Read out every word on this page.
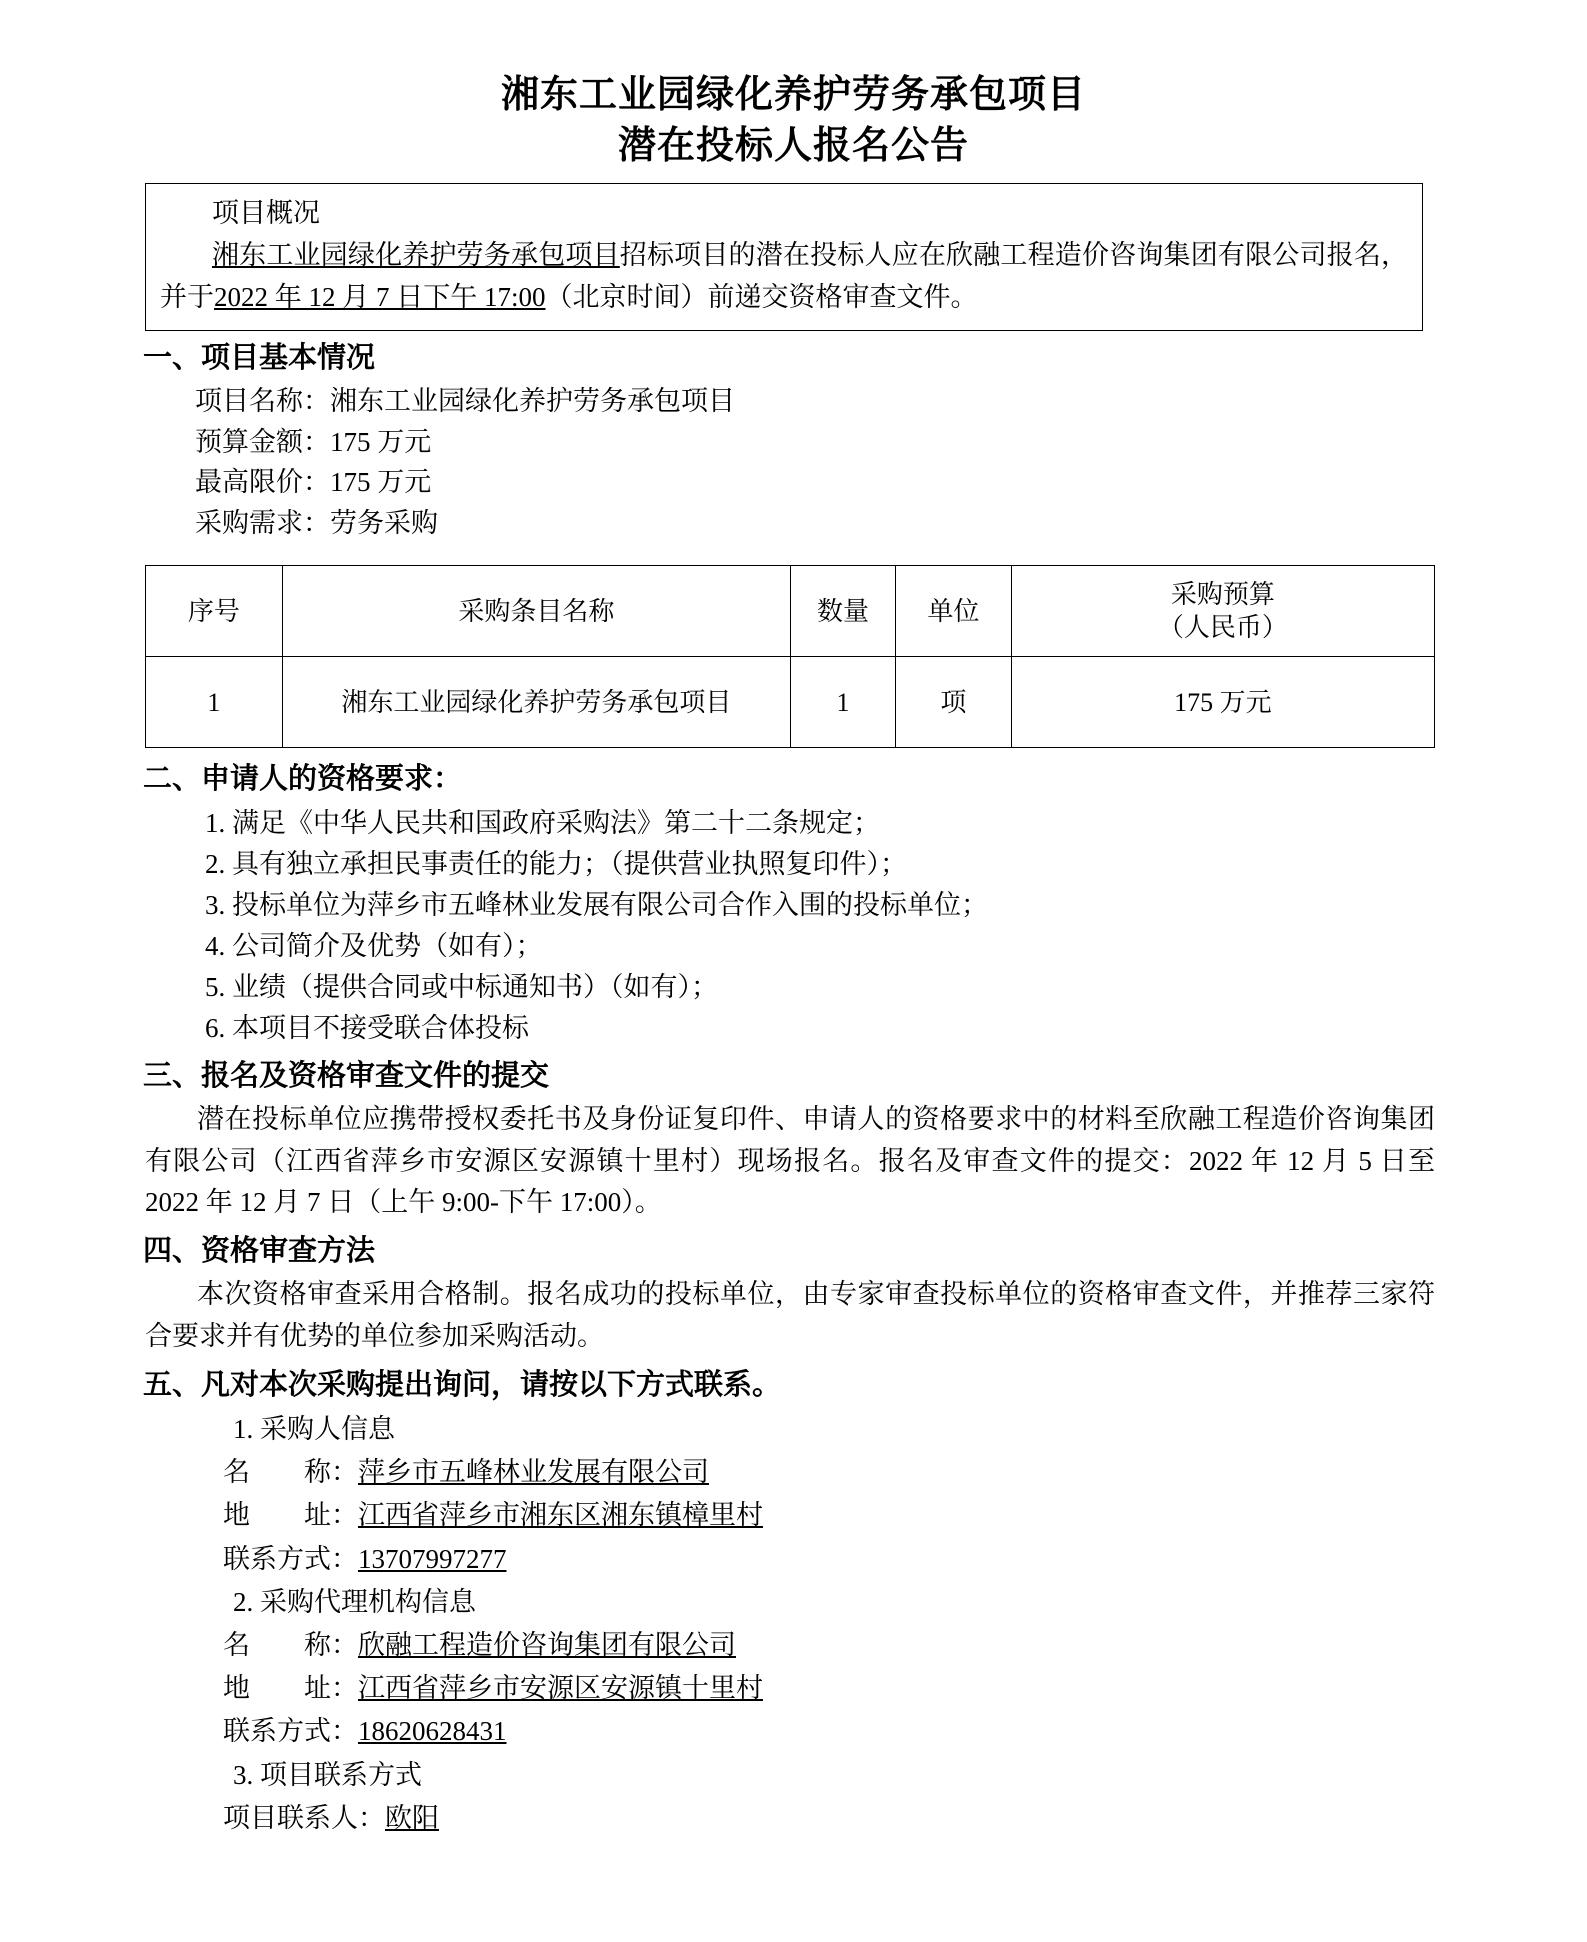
湘东工业园绿化养护劳务承包项目
潜在投标人报名公告
项目概况
湘东工业园绿化养护劳务承包项目招标项目的潜在投标人应在欣融工程造价咨询集团有限公司报名，并于2022 年 12 月 7 日下午 17:00（北京时间）前递交资格审查文件。
一、项目基本情况
项目名称：湘东工业园绿化养护劳务承包项目
预算金额：175 万元
最高限价：175 万元
采购需求：劳务采购
序号	采购条目名称	数量	单位	采购预算
（人民币）

1	湘东工业园绿化养护劳务承包项目	1	项	175 万元
二、申请人的资格要求：
1. 满足《中华人民共和国政府采购法》第二十二条规定；
2. 具有独立承担民事责任的能力；（提供营业执照复印件）；
3. 投标单位为萍乡市五峰林业发展有限公司合作入围的投标单位；
4. 公司简介及优势（如有）；
5. 业绩（提供合同或中标通知书）（如有）；
6. 本项目不接受联合体投标
三、报名及资格审查文件的提交
潜在投标单位应携带授权委托书及身份证复印件、申请人的资格要求中的材料至欣融工程造价咨询集团有限公司（江西省萍乡市安源区安源镇十里村）现场报名。报名及审查文件的提交：2022 年 12 月 5 日至 2022 年 12 月 7 日（上午 9:00-下午 17:00）。
四、资格审查方法
本次资格审查采用合格制。报名成功的投标单位，由专家审查投标单位的资格审查文件，并推荐三家符合要求并有优势的单位参加采购活动。
五、凡对本次采购提出询问，请按以下方式联系。
1. 采购人信息
名　　称：萍乡市五峰林业发展有限公司
地　　址：江西省萍乡市湘东区湘东镇樟里村
联系方式：13707997277
2. 采购代理机构信息
名　　称：欣融工程造价咨询集团有限公司
地　　址：江西省萍乡市安源区安源镇十里村
联系方式：18620628431
3. 项目联系方式
项目联系人：欧阳
